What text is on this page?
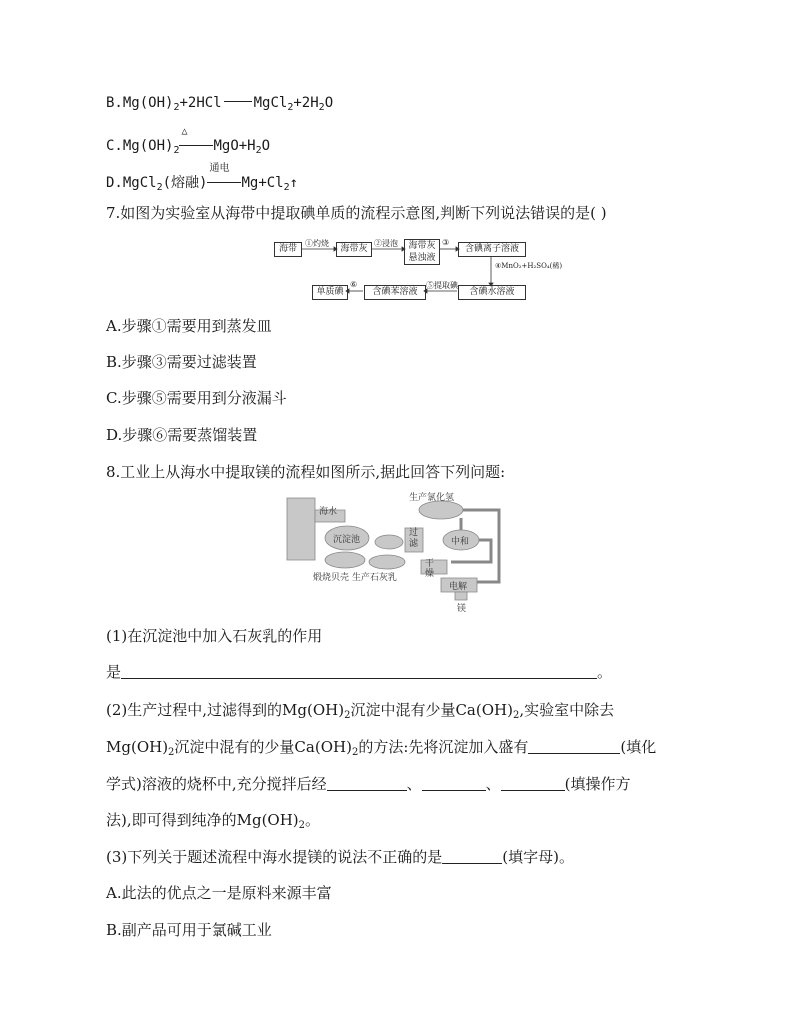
$B.Mg(OH)_2+2HCl$ $MgCl_2+2H_2O$
$C.Mg(OH)_2$
△
$MgO+H_2O$
D.MgCl$_2$(熔融)
通电
$Mg+Cl_2↑$
7.如图为实验室从海带中提取碘单质的流程示意图,判断下列说法错误的是( )
海带	海带灰	海带灰悬浊液
含碘离子溶液
含碘水溶液
含碘苯溶液
单质碘
①灼烧	②浸泡	③
④MnO₂+H₂SO₄(稀)
⑤提取碘
⑥
A.步骤①需要用到蒸发皿
B.步骤③需要过滤装置
C.步骤⑤需要用到分液漏斗
D.步骤⑥需要蒸馏装置
8.工业上从海水中提取镁的流程如图所示,据此回答下列问题:
海水
沉淀池
生产氯化氢
过滤	中和
干燥
电解
煅烧贝壳 生产石灰乳
镁
(1)在沉淀池中加入石灰乳的作用
是	。
(2)生产过程中,过滤得到的$Mg(OH)_2$沉淀中混有少量$Ca(OH)_2$,实验室中除去
$Mg(OH)_2$沉淀中混有的少量$Ca(OH)_2$的方法:先将沉淀加入盛有	(填化
学式)溶液的烧杯中,充分搅拌后经	、	、	(填操作方
法),即可得到纯净的$Mg(OH)_2$。
(3)下列关于题述流程中海水提镁的说法不正确的是	(填字母)。
A.此法的优点之一是原料来源丰富
B.副产品可用于氯碱工业
